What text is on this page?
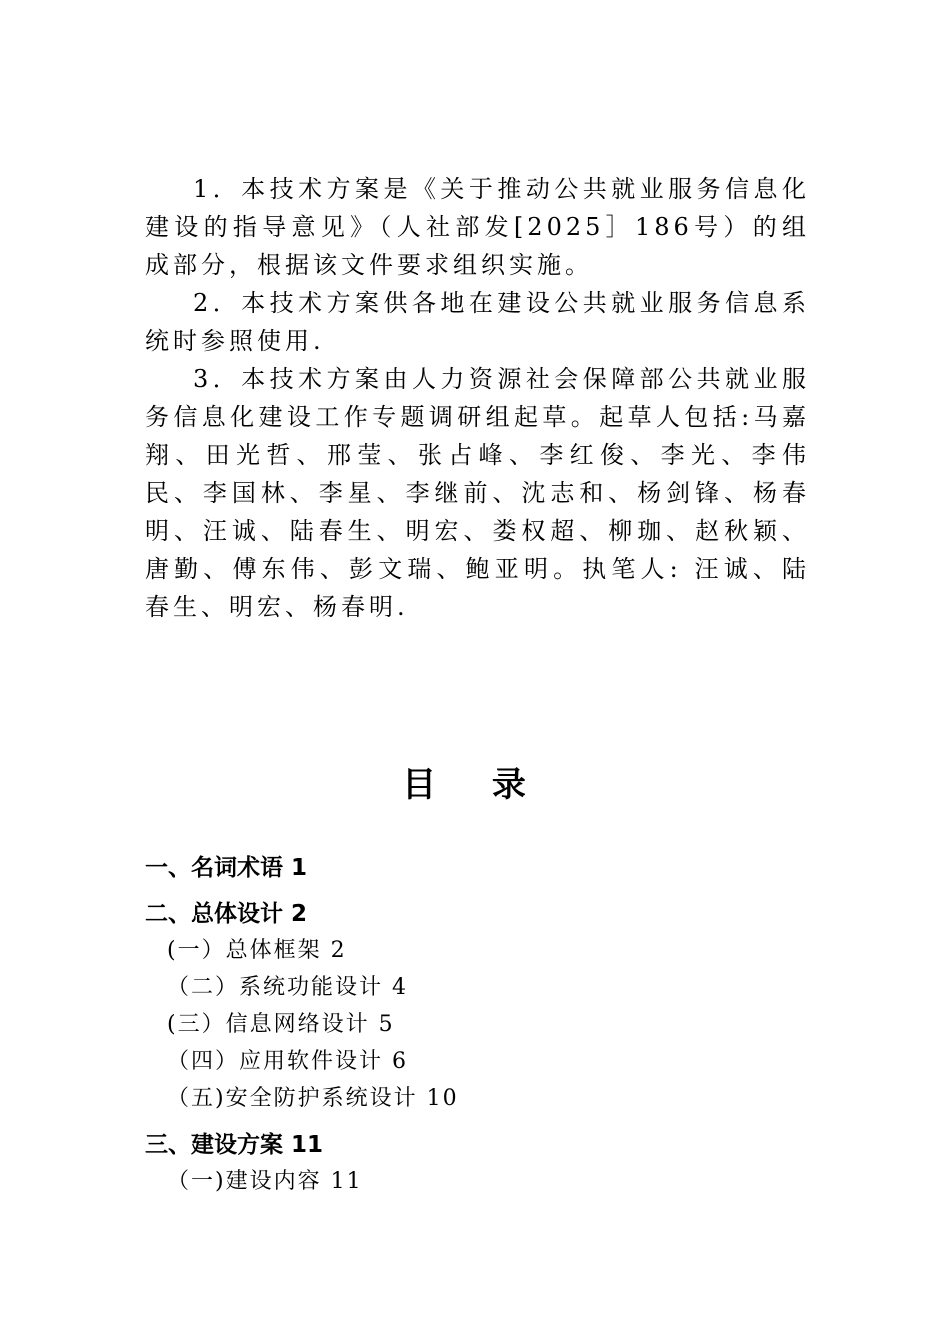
1．本技术方案是《关于推动公共就业服务信息化建设的指导意见》（人社部发[2025］186号）的组成部分，根据该文件要求组织实施。

2．本技术方案供各地在建设公共就业服务信息系统时参照使用.

3．本技术方案由人力资源社会保障部公共就业服务信息化建设工作专题调研组起草。起草人包括:马嘉翔、田光哲、邢莹、张占峰、李红俊、李光、李伟民、李国林、李星、李继前、沈志和、杨剑锋、杨春明、汪诚、陆春生、明宏、娄权超、柳珈、赵秋颖、唐勤、傅东伟、彭文瑞、鲍亚明。执笔人: 汪诚、陆春生、明宏、杨春明.

目 录

一、名词术语 1

二、总体设计 2

(一）总体框架 2

（二）系统功能设计 4

(三）信息网络设计 5

（四）应用软件设计 6

（五)安全防护系统设计 10

三、建设方案 11

（一)建设内容 11
